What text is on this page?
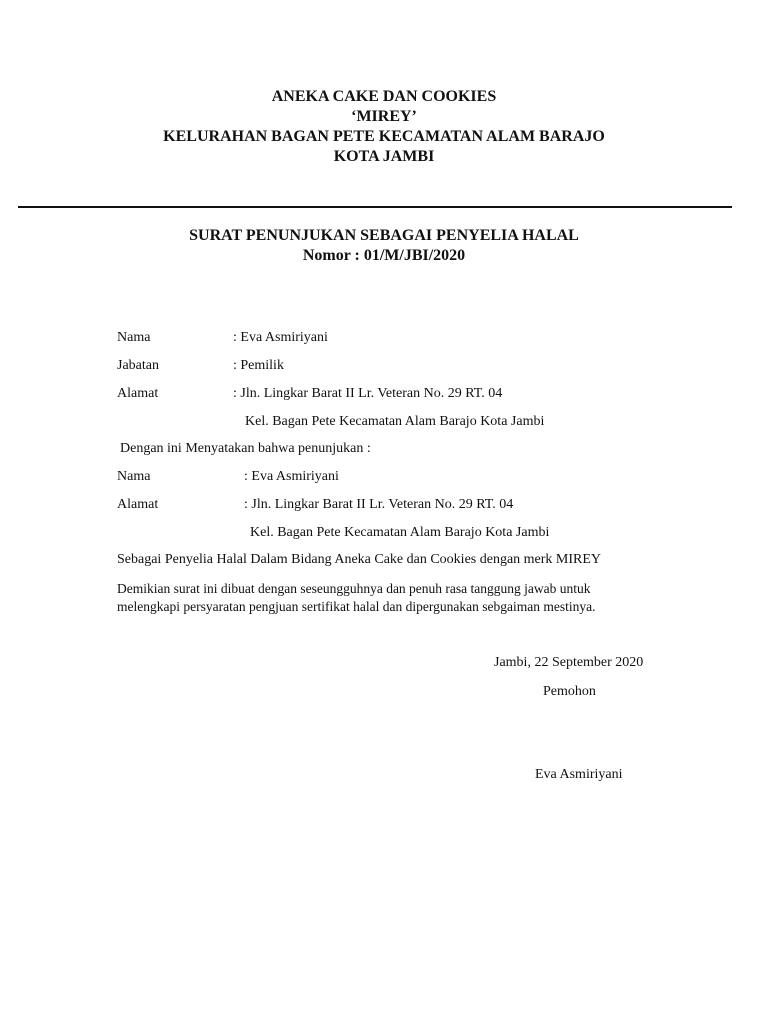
ANEKA CAKE DAN COOKIES
‘MIREY’
KELURAHAN BAGAN PETE KECAMATAN ALAM BARAJO
KOTA JAMBI
SURAT PENUNJUKAN SEBAGAI PENYELIA HALAL
Nomor : 01/M/JBI/2020
Nama	: Eva Asmiriyani
Jabatan	: Pemilik
Alamat	: Jln. Lingkar Barat II Lr. Veteran No. 29 RT. 04
Kel. Bagan Pete Kecamatan Alam Barajo Kota Jambi
Dengan ini Menyatakan bahwa penunjukan :
Nama	: Eva Asmiriyani
Alamat	: Jln. Lingkar Barat II Lr. Veteran No. 29 RT. 04
Kel. Bagan Pete Kecamatan Alam Barajo Kota Jambi
Sebagai Penyelia Halal Dalam Bidang Aneka Cake dan Cookies dengan merk MIREY
Demikian surat ini dibuat dengan seseungguhnya dan penuh rasa tanggung jawab untuk melengkapi persyaratan pengjuan sertifikat halal dan dipergunakan sebgaiman mestinya.
Jambi, 22 September 2020
Pemohon
Eva Asmiriyani
